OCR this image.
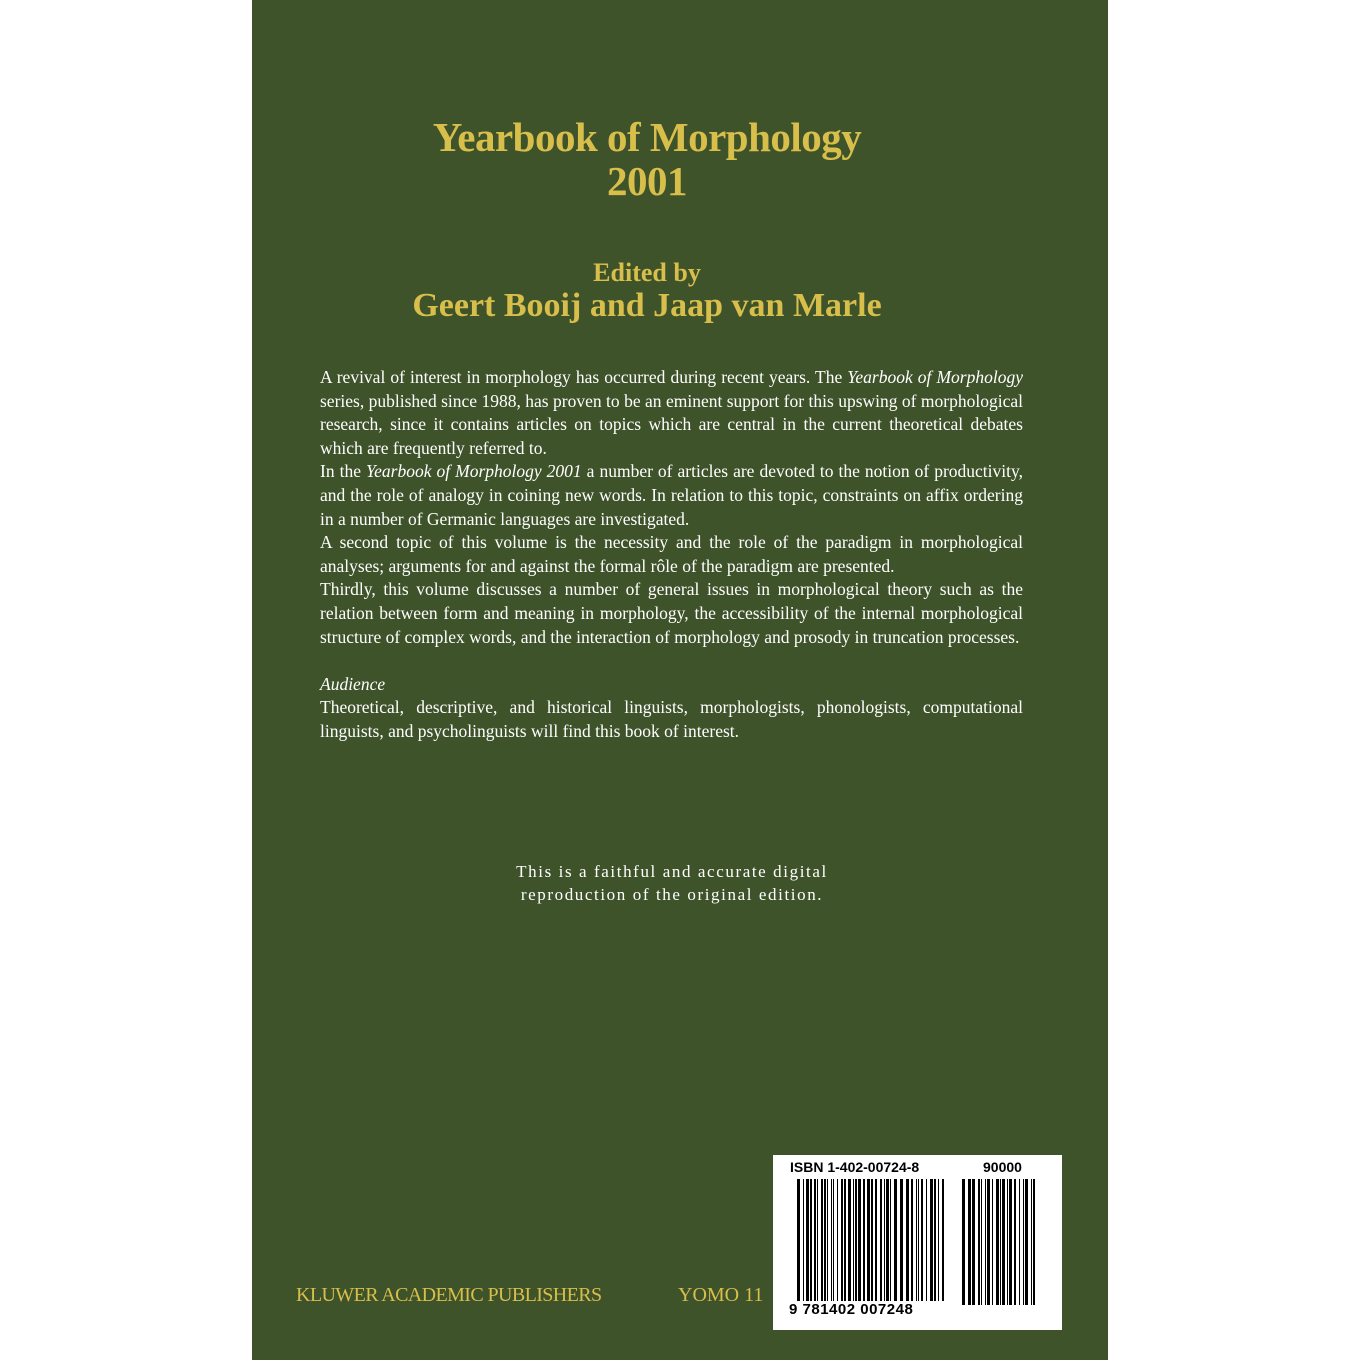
Yearbook of Morphology
2001
Edited by
Geert Booij and Jaap van Marle

A revival of interest in morphology has occurred during recent years. The Yearbook of Morphology series, published since 1988, has proven to be an eminent support for this upswing of morphological research, since it contains articles on topics which are central in the current theoretical debates which are frequently referred to.

In the Yearbook of Morphology 2001 a number of articles are devoted to the notion of productivity, and the role of analogy in coining new words. In relation to this topic, constraints on affix ordering in a number of Germanic languages are investigated.

A second topic of this volume is the necessity and the role of the paradigm in morphological analyses; arguments for and against the formal rôle of the paradigm are presented.

Thirdly, this volume discusses a number of general issues in morphological theory such as the relation between form and meaning in morphology, the accessibility of the internal morphological structure of complex words, and the interaction of morphology and prosody in truncation processes.

Audience

Theoretical, descriptive, and historical linguists, morphologists, phonologists, computational linguists, and psycholinguists will find this book of interest.

This is a faithful and accurate digital
reproduction of the original edition.
KLUWER ACADEMIC PUBLISHERS	YOMO 11
ISBN 1-402-00724-8	90000
9 781402 007248
